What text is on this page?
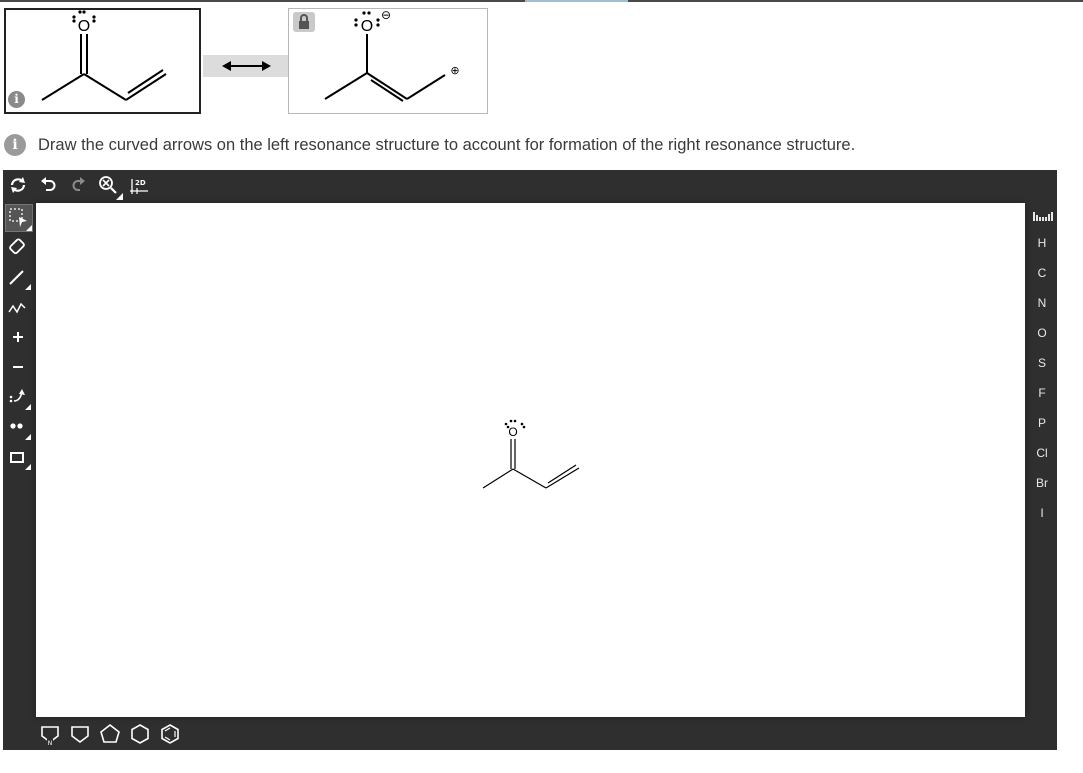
O
i
O
⊖
⊕
i	Draw the curved arrows on the left resonance structure to account for formation of the right resonance structure.
2D
O
H
C
N
O
S
F
P
Cl
Br
I
N
